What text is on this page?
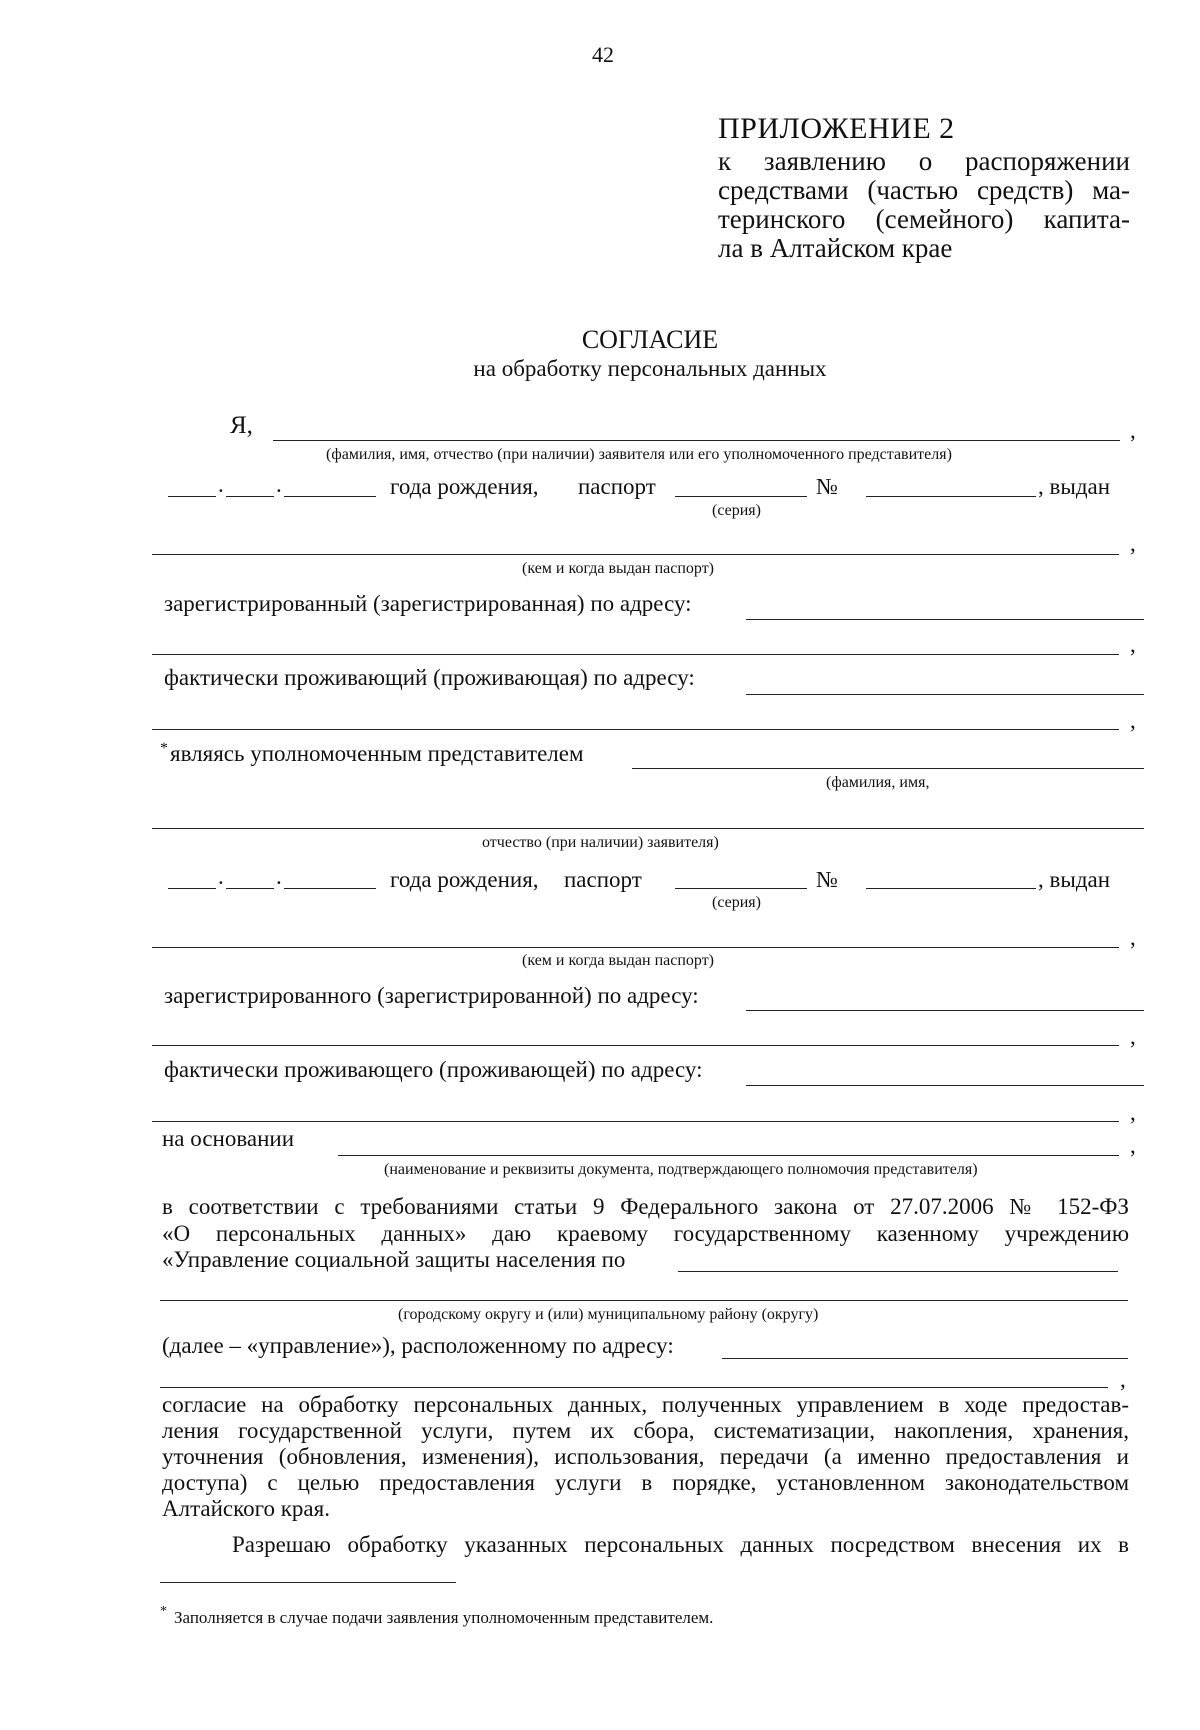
42
ПРИЛОЖЕНИЕ 2
к заявлению о распоряжении
средствами (частью средств) ма-
теринского (семейного) капита-
ла в Алтайском крае
СОГЛАСИЕ
на обработку персональных данных
Я,	,
(фамилия, имя, отчество (при наличии) заявителя или его уполномоченного представителя)
. .	года рождения, паспорт	№	, выдан
(серия)
,
(кем и когда выдан паспорт)
зарегистрированный (зарегистрированная) по адресу:
,
фактически проживающий (проживающая) по адресу:
,
* являясь уполномоченным представителем
(фамилия, имя,
отчество (при наличии) заявителя)
. .	года рождения, паспорт	№	, выдан
(серия)
,
(кем и когда выдан паспорт)
зарегистрированного (зарегистрированной) по адресу:
,
фактически проживающего (проживающей) по адресу:
,
на основании	,
(наименование и реквизиты документа, подтверждающего полномочия представителя)
в соответствии с требованиями статьи 9 Федерального закона от 27.07.2006 № 152-ФЗ
«О персональных данных» даю краевому государственному казенному учреждению
«Управление социальной защиты населения по
(городскому округу и (или) муниципальному району (округу)
(далее – «управление»), расположенному по адресу:
,
согласие на обработку персональных данных, полученных управлением в ходе предостав-
ления государственной услуги, путем их сбора, систематизации, накопления, хранения,
уточнения (обновления, изменения), использования, передачи (а именно предоставления и
доступа) с целью предоставления услуги в порядке, установленном законодательством
Алтайского края.
Разрешаю обработку указанных персональных данных посредством внесения их в
* Заполняется в случае подачи заявления уполномоченным представителем.
